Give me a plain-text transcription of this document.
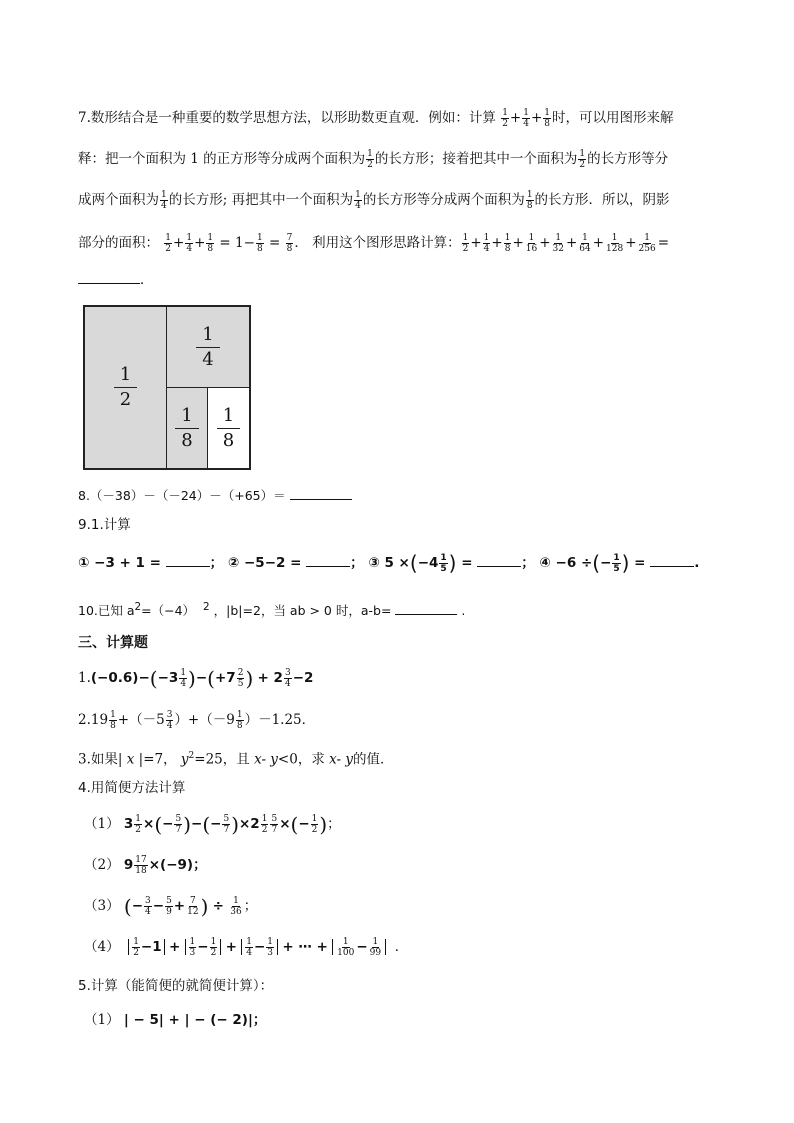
7.数形结合是一种重要的数学思想方法，以形助数更直观．例如：计算 $\frac{1}{2} + \frac{1}{4} + \frac{1}{8}$ 时，可以用图形来解
释：把一个面积为 1 的正方形等分成两个面积为 $\frac{1}{2}$ 的长方形；接着把其中一个面积为 $\frac{1}{2}$ 的长方形等分
成两个面积为 $\frac{1}{4}$ 的长方形; 再把其中一个面积为 $\frac{1}{4}$ 的长方形等分成两个面积为 $\frac{1}{8}$ 的长方形．所以，阴影
部分的面积： $\frac{1}{2} + \frac{1}{4} + \frac{1}{8} = 1- \frac{1}{8} = \frac{7}{8}$ ． 利用这个图形思路计算： $\frac{1}{2} + \frac{1}{4} + \frac{1}{8} + \frac{1}{16} + \frac{1}{32} + \frac{1}{64} + \frac{1}{128} + \frac{1}{256}$ =
．
1
2
1
4
1
8
1
8
8.（－38）－（－24）－（+65）＝
9.1.计算
① −3 + 1 =	； ② −5−2 =	； ③ $5 \times(-4 \frac{1}{5}$ ) =	； ④ −6 ÷(− $\frac{1}{5}$ ) =	.
10.已知 $a^2=(-4)$ $^2$ ，|b|=2，当 ab > 0 时，a-b=	.
三、计算题
$1.(-0.6)-(-3 \frac{1}{4} )-(+7 \frac{2}{5}$ ) + $2 \frac{3}{4} -2$
$2.19 \frac{1}{8} +(-5 \frac{3}{4} )+(-9 \frac{1}{8} )-1.25$．
3.如果| x |=7， $y^2=25$，且 x- y<0，求 x- y的值．
4.用简便方法计算
（1） $3 \frac{1}{2}$ ×(− $\frac{5}{7}$ )−(− $\frac{5}{7} )\times 2 \frac{1}{2} \frac{5}{7}$ ×(− $\frac{1}{2}$ )；
（2） $9 \frac{17}{18} \times(-9)$；
（3） (− $\frac{3}{4} - \frac{5}{9} + \frac{7}{12}$ ) ÷ $\frac{1}{36}$ ；
$(4) \frac{1}{2} -1 + \frac{1}{3} - \frac{1}{2} + \frac{1}{4} - \frac{1}{3}$ + ⋯ + $\frac{1}{100} - \frac{1}{99}$ ．
5.计算（能简便的就简便计算）：
（1） | − 5| + | − (− 2)|；
